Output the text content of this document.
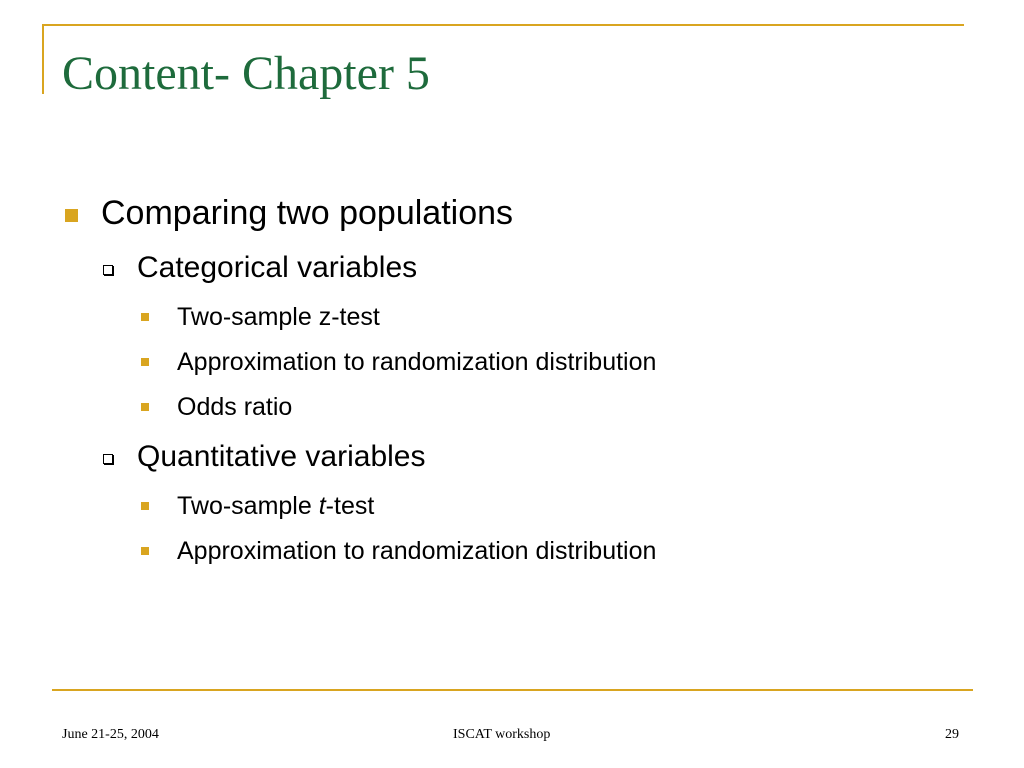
Content- Chapter 5
Comparing two populations
Categorical variables
Two-sample z-test
Approximation to randomization distribution
Odds ratio
Quantitative variables
Two-sample t-test
Approximation to randomization distribution
June 21-25, 2004	ISCAT workshop	29
